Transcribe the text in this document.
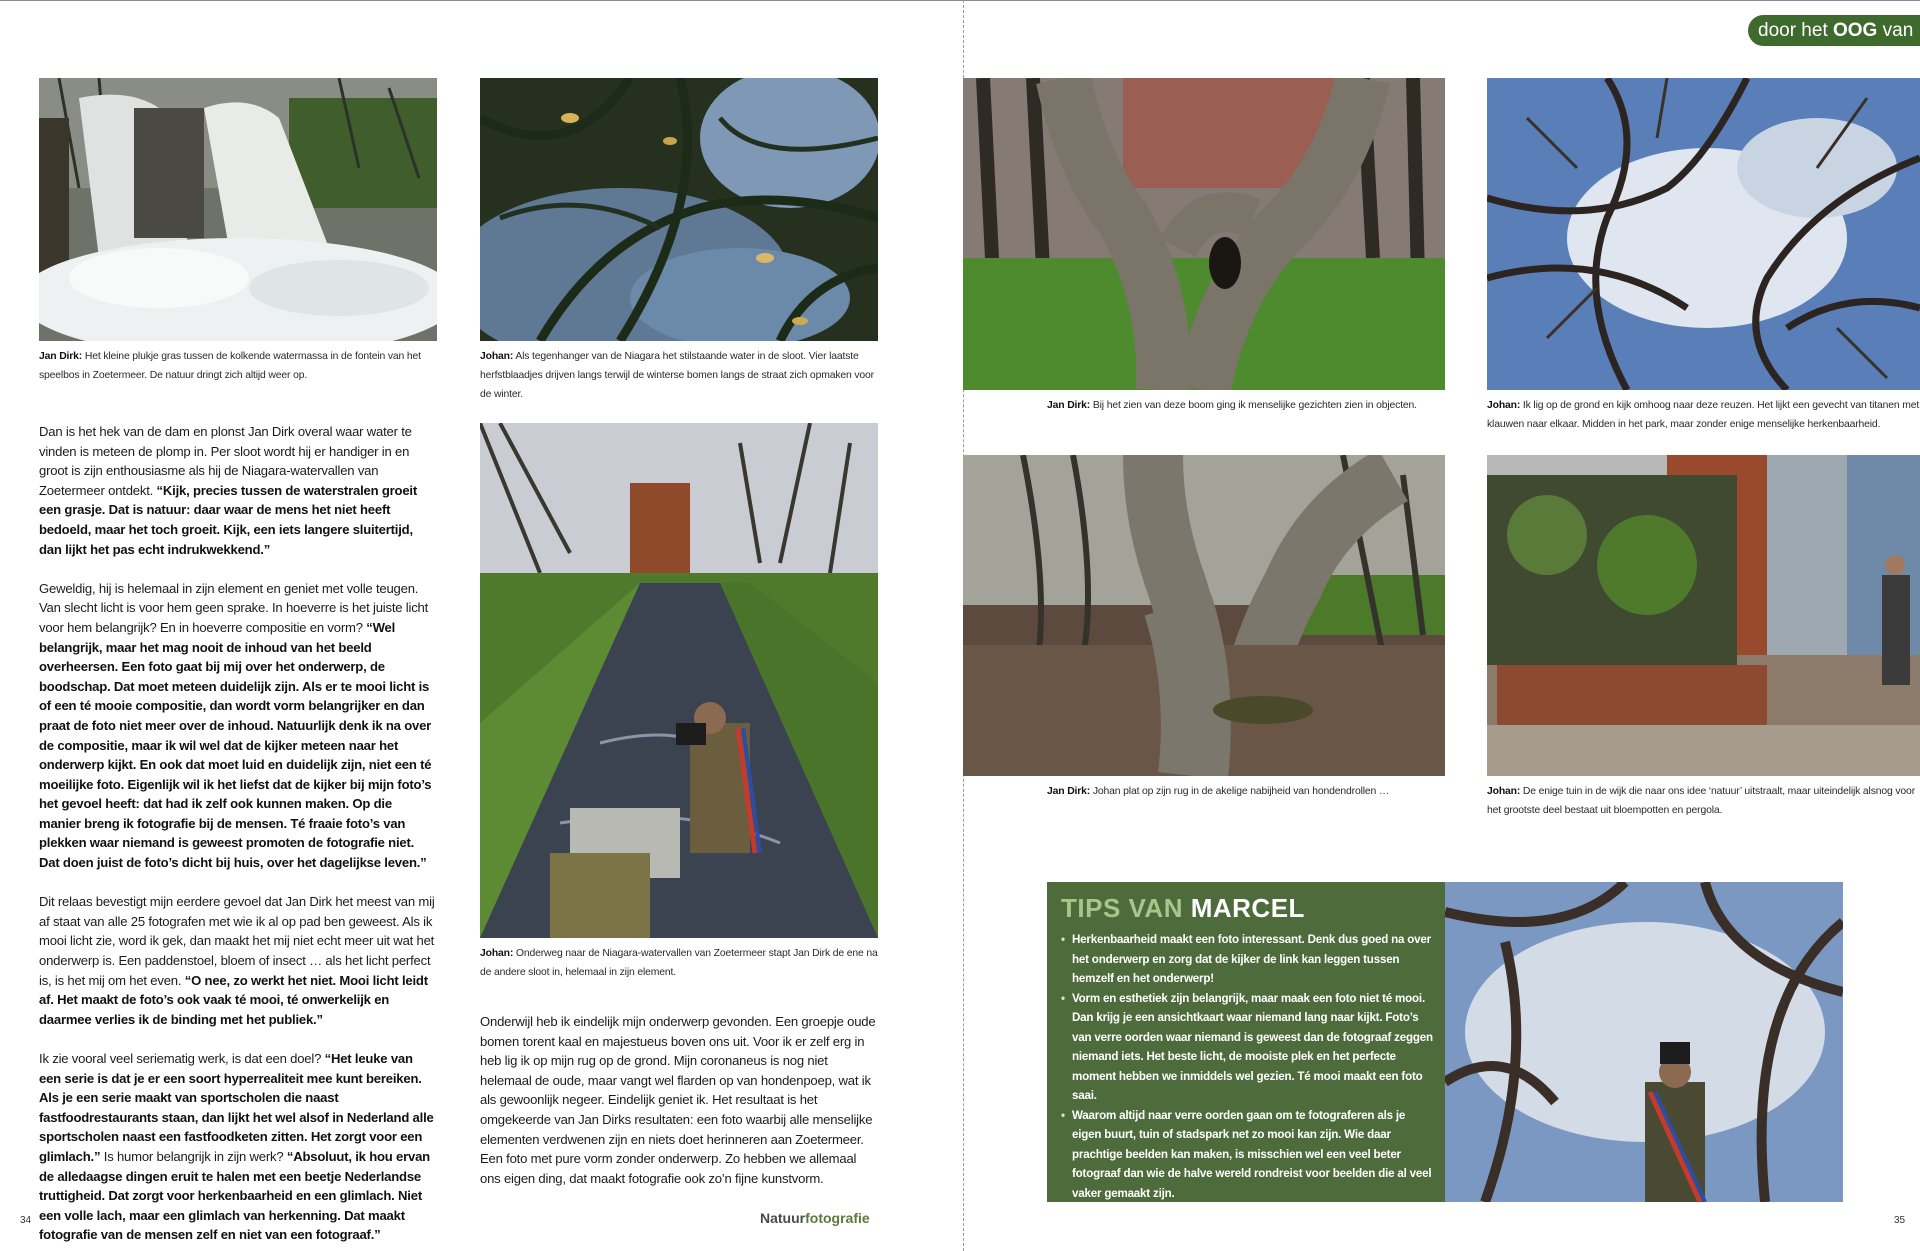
door het OOG van
Jan Dirk: Het kleine plukje gras tussen de kolkende watermassa in de fontein van het speelbos in Zoetermeer. De natuur dringt zich altijd weer op.
Johan: Als tegenhanger van de Niagara het stilstaande water in de sloot. Vier laatste herfstblaadjes drijven langs terwijl de winterse bomen langs de straat zich opmaken voor de winter.
Johan: Onderweg naar de Niagara-watervallen van Zoetermeer stapt Jan Dirk de ene na de andere sloot in, helemaal in zijn element.

Dan is het hek van de dam en plonst Jan Dirk overal waar water te vinden is meteen de plomp in. Per sloot wordt hij er handiger in en groot is zijn enthousiasme als hij de Niagara-watervallen van Zoetermeer ontdekt. “Kijk, precies tussen de waterstralen groeit een grasje. Dat is natuur: daar waar de mens het niet heeft bedoeld, maar het toch groeit. Kijk, een iets langere sluitertijd, dan lijkt het pas echt indrukwekkend.”

Geweldig, hij is helemaal in zijn element en geniet met volle teugen. Van slecht licht is voor hem geen sprake. In hoeverre is het juiste licht voor hem belangrijk? En in hoeverre compositie en vorm? “Wel belangrijk, maar het mag nooit de inhoud van het beeld overheersen. Een foto gaat bij mij over het onderwerp, de boodschap. Dat moet meteen duidelijk zijn. Als er te mooi licht is of een té mooie compositie, dan wordt vorm belangrijker en dan praat de foto niet meer over de inhoud. Natuurlijk denk ik na over de compositie, maar ik wil wel dat de kijker meteen naar het onderwerp kijkt. En ook dat moet luid en duidelijk zijn, niet een té moeilijke foto. Eigenlijk wil ik het liefst dat de kijker bij mijn foto’s het gevoel heeft: dat had ik zelf ook kunnen maken. Op die manier breng ik fotografie bij de mensen. Té fraaie foto’s van plekken waar niemand is geweest promoten de fotografie niet. Dat doen juist de foto’s dicht bij huis, over het dagelijkse leven.”

Dit relaas bevestigt mijn eerdere gevoel dat Jan Dirk het meest van mij af staat van alle 25 fotografen met wie ik al op pad ben geweest. Als ik mooi licht zie, word ik gek, dan maakt het mij niet echt meer uit wat het onderwerp is. Een paddenstoel, bloem of insect … als het licht perfect is, is het mij om het even. “O nee, zo werkt het niet. Mooi licht leidt af. Het maakt de foto’s ook vaak té mooi, té onwerkelijk en daarmee verlies ik de binding met het publiek.”

Ik zie vooral veel seriematig werk, is dat een doel? “Het leuke van een serie is dat je er een soort hyperrealiteit mee kunt bereiken. Als je een serie maakt van sportscholen die naast fastfoodrestaurants staan, dan lijkt het wel alsof in Nederland alle sportscholen naast een fastfoodketen zitten. Het zorgt voor een glimlach.” Is humor belangrijk in zijn werk? “Absoluut, ik hou ervan de alledaagse dingen eruit te halen met een beetje Nederlandse truttigheid. Dat zorgt voor herkenbaarheid en een glimlach. Niet een volle lach, maar een glimlach van herkenning. Dat maakt fotografie van de mensen zelf en niet van een fotograaf.”

Onderwijl heb ik eindelijk mijn onderwerp gevonden. Een groepje oude bomen torent kaal en majestueus boven ons uit. Voor ik er zelf erg in heb lig ik op mijn rug op de grond. Mijn coronaneus is nog niet helemaal de oude, maar vangt wel flarden op van hondenpoep, wat ik als gewoonlijk negeer. Eindelijk geniet ik. Het resultaat is het omgekeerde van Jan Dirks resultaten: een foto waarbij alle menselijke elementen verdwenen zijn en niets doet herinneren aan Zoetermeer. Een foto met pure vorm zonder onderwerp. Zo hebben we allemaal ons eigen ding, dat maakt fotografie ook zo’n fijne kunstvorm.

34	Natuurfotografie
Jan Dirk: Bij het zien van deze boom ging ik menselijke gezichten zien in objecten.	Johan: Ik lig op de grond en kijk omhoog naar deze reuzen. Het lijkt een gevecht van titanen met klauwen naar elkaar. Midden in het park, maar zonder enige menselijke herkenbaarheid.
Jan Dirk: Johan plat op zijn rug in de akelige nabijheid van hondendrollen …	Johan: De enige tuin in de wijk die naar ons idee ‘natuur’ uitstraalt, maar uiteindelijk alsnog voor het grootste deel bestaat uit bloempotten en pergola.
TIPS VAN MARCEL
• Herkenbaarheid maakt een foto interessant. Denk dus goed na over het onderwerp en zorg dat de kijker de link kan leggen tussen hemzelf en het onderwerp!
• Vorm en esthetiek zijn belangrijk, maar maak een foto niet té mooi. Dan krijg je een ansichtkaart waar niemand lang naar kijkt. Foto’s van verre oorden waar niemand is geweest dan de fotograaf zeggen niemand iets. Het beste licht, de mooiste plek en het perfecte moment hebben we inmiddels wel gezien. Té mooi maakt een foto saai.
• Waarom altijd naar verre oorden gaan om te fotograferen als je eigen buurt, tuin of stadspark net zo mooi kan zijn. Wie daar prachtige beelden kan maken, is misschien wel een veel beter fotograaf dan wie de halve wereld rondreist voor beelden die al veel vaker gemaakt zijn.
35
